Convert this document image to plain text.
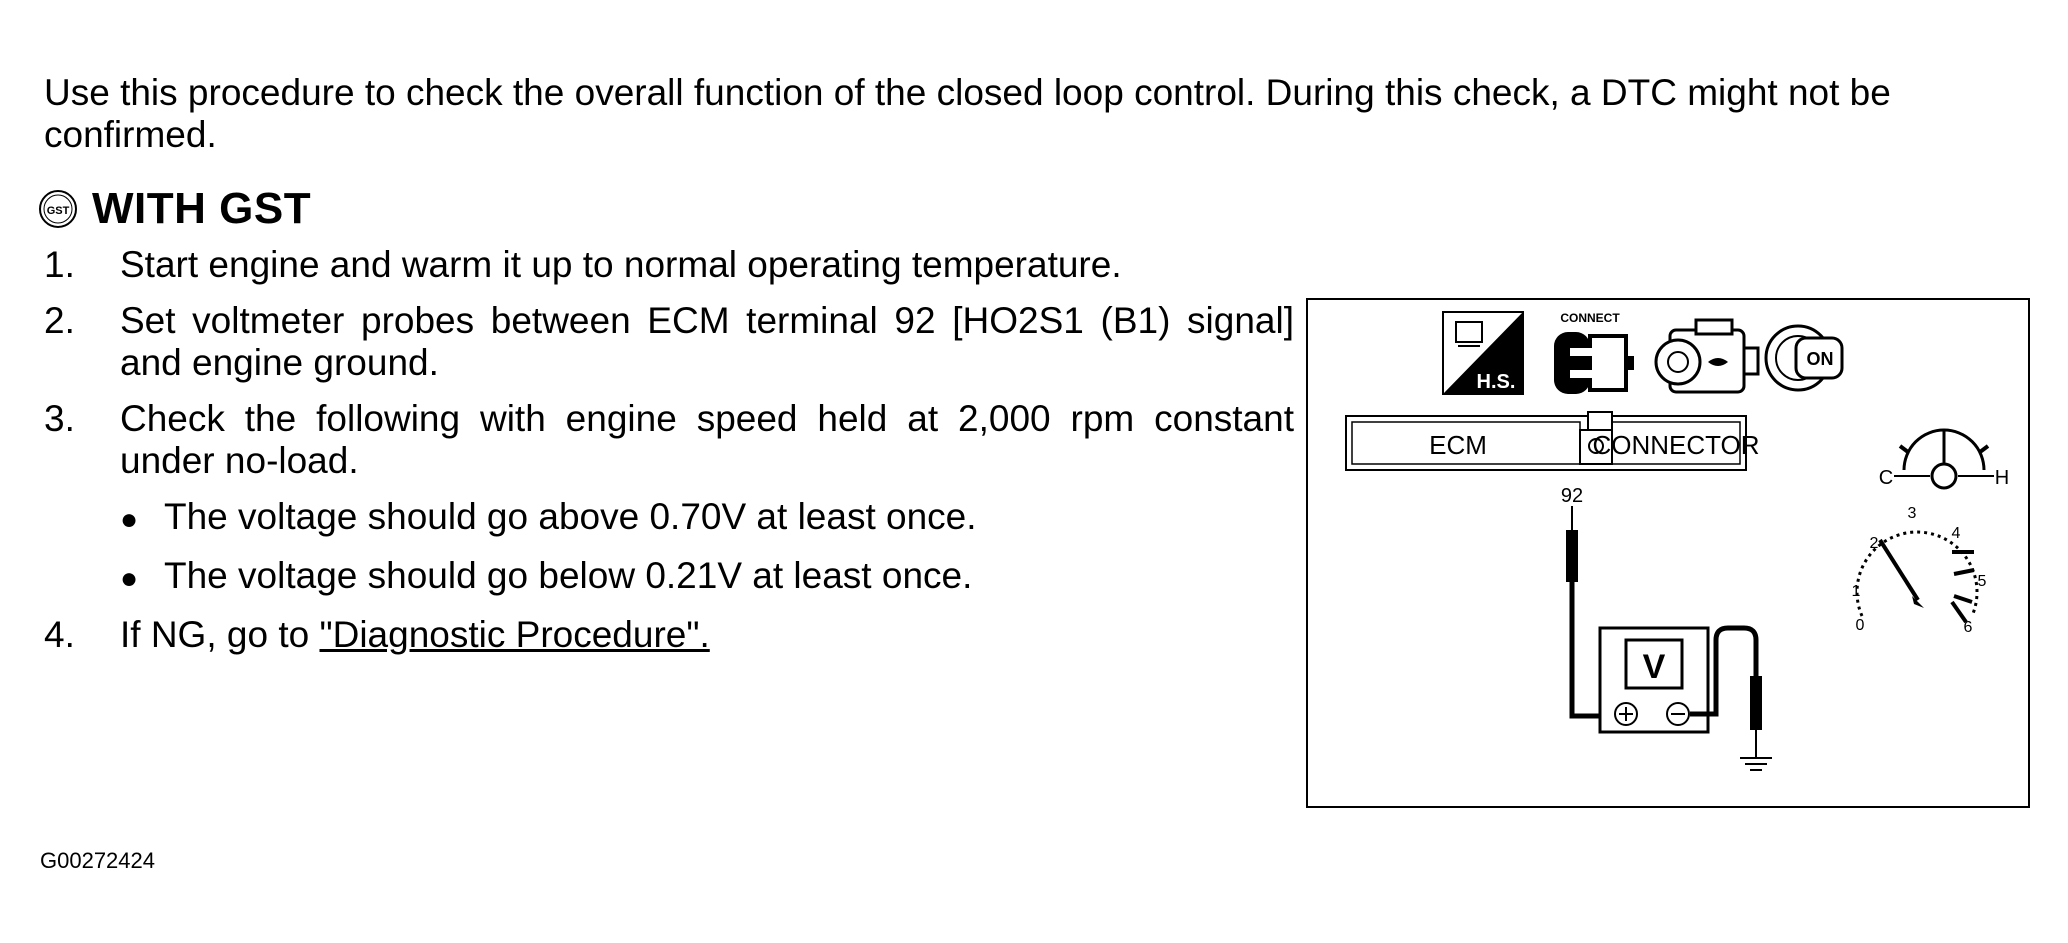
Use this procedure to check the overall function of the closed loop control. During this check, a DTC might not be confirmed.
GST WITH GST
1.	Start engine and warm it up to normal operating temperature.
2.	Set voltmeter probes between ECM terminal 92 [HO2S1 (B1) signal] and engine ground.
3.	Check the following with engine speed held at 2,000 rpm constant under no-load.
● The voltage should go above 0.70V at least once.
● The voltage should go below 0.21V at least once.
4.	If NG, go to "Diagnostic Procedure".
H.S.
CONNECT
ON
ECM	CONNECTOR
92
V
C	H
0
1
2
3
4
5
6
G00272424
